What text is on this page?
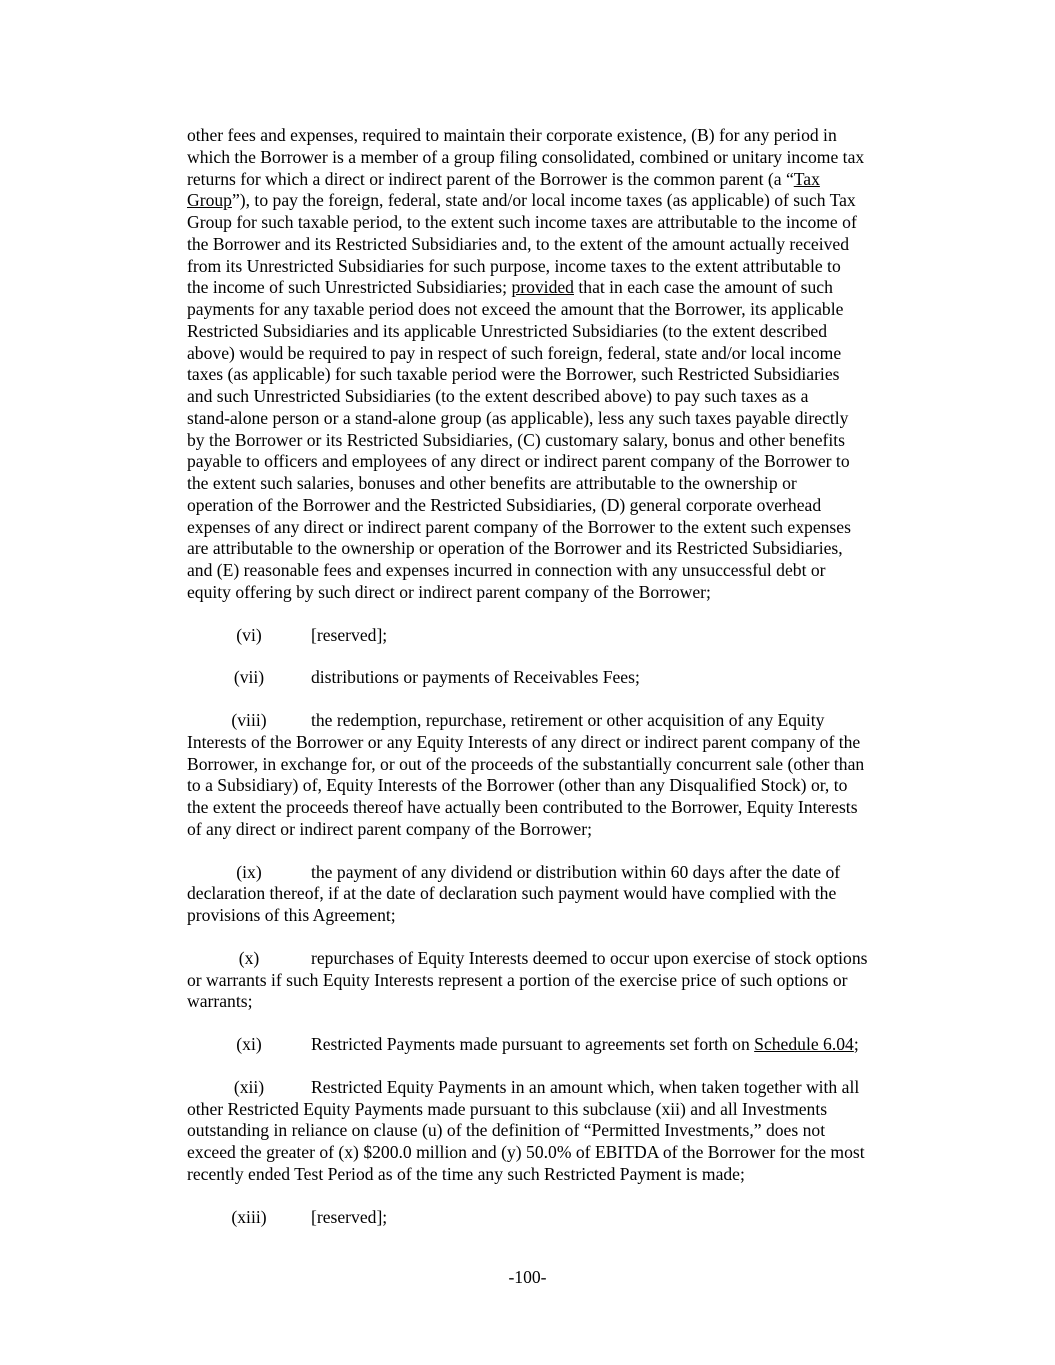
other fees and expenses, required to maintain their corporate existence, (B) for any period in
which the Borrower is a member of a group filing consolidated, combined or unitary income tax
returns for which a direct or indirect parent of the Borrower is the common parent (a “Tax
Group”), to pay the foreign, federal, state and/or local income taxes (as applicable) of such Tax
Group for such taxable period, to the extent such income taxes are attributable to the income of
the Borrower and its Restricted Subsidiaries and, to the extent of the amount actually received
from its Unrestricted Subsidiaries for such purpose, income taxes to the extent attributable to
the income of such Unrestricted Subsidiaries; provided that in each case the amount of such
payments for any taxable period does not exceed the amount that the Borrower, its applicable
Restricted Subsidiaries and its applicable Unrestricted Subsidiaries (to the extent described
above) would be required to pay in respect of such foreign, federal, state and/or local income
taxes (as applicable) for such taxable period were the Borrower, such Restricted Subsidiaries
and such Unrestricted Subsidiaries (to the extent described above) to pay such taxes as a
stand-alone person or a stand-alone group (as applicable), less any such taxes payable directly
by the Borrower or its Restricted Subsidiaries, (C) customary salary, bonus and other benefits
payable to officers and employees of any direct or indirect parent company of the Borrower to
the extent such salaries, bonuses and other benefits are attributable to the ownership or
operation of the Borrower and the Restricted Subsidiaries, (D) general corporate overhead
expenses of any direct or indirect parent company of the Borrower to the extent such expenses
are attributable to the ownership or operation of the Borrower and its Restricted Subsidiaries,
and (E) reasonable fees and expenses incurred in connection with any unsuccessful debt or
equity offering by such direct or indirect parent company of the Borrower;
(vi)	[reserved];
(vii)	distributions or payments of Receivables Fees;
(viii)	the redemption, repurchase, retirement or other acquisition of any Equity
Interests of the Borrower or any Equity Interests of any direct or indirect parent company of the
Borrower, in exchange for, or out of the proceeds of the substantially concurrent sale (other than
to a Subsidiary) of, Equity Interests of the Borrower (other than any Disqualified Stock) or, to
the extent the proceeds thereof have actually been contributed to the Borrower, Equity Interests
of any direct or indirect parent company of the Borrower;
(ix)	the payment of any dividend or distribution within 60 days after the date of
declaration thereof, if at the date of declaration such payment would have complied with the
provisions of this Agreement;
(x)	repurchases of Equity Interests deemed to occur upon exercise of stock options
or warrants if such Equity Interests represent a portion of the exercise price of such options or
warrants;
(xi)	Restricted Payments made pursuant to agreements set forth on Schedule 6.04;
(xii)	Restricted Equity Payments in an amount which, when taken together with all
other Restricted Equity Payments made pursuant to this subclause (xii) and all Investments
outstanding in reliance on clause (u) of the definition of “Permitted Investments,” does not
exceed the greater of (x) $200.0 million and (y) 50.0% of EBITDA of the Borrower for the most
recently ended Test Period as of the time any such Restricted Payment is made;
(xiii)	[reserved];
-100-
